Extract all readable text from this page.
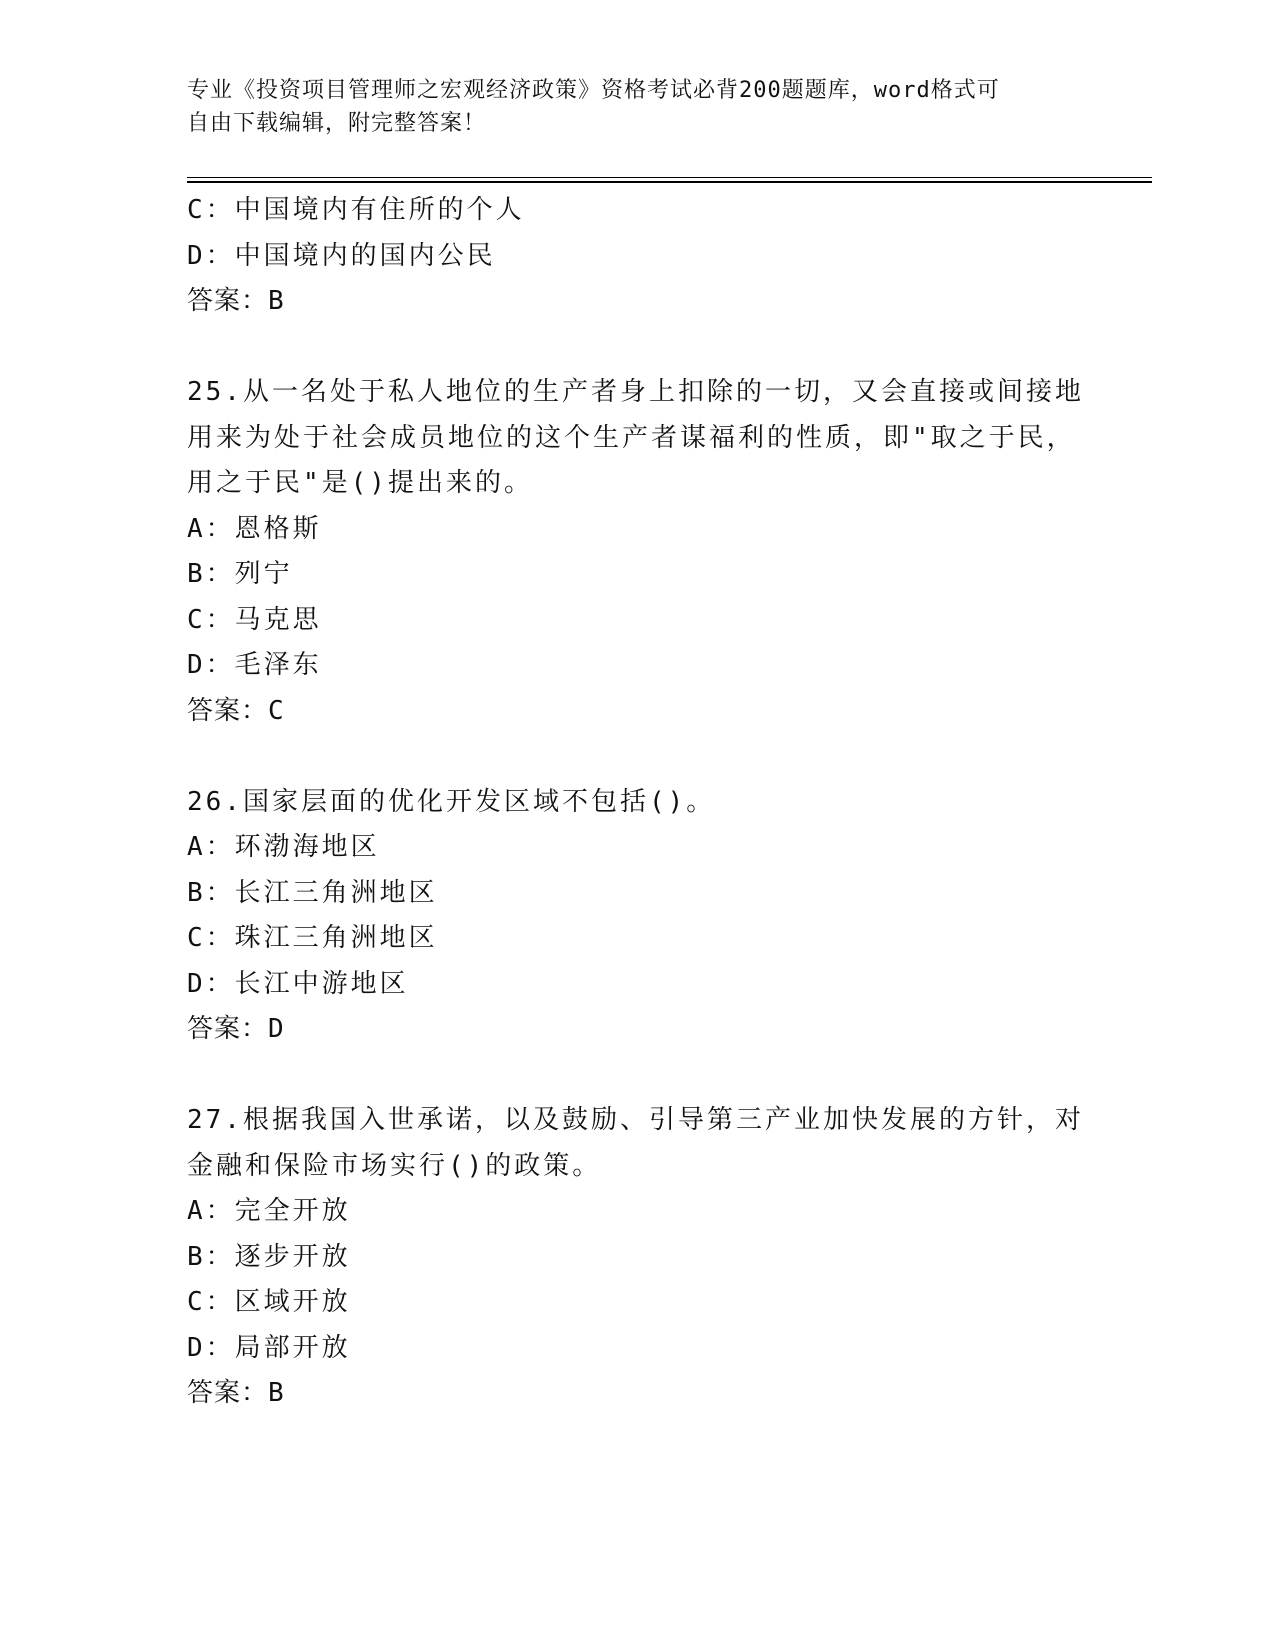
专业《投资项目管理师之宏观经济政策》资格考试必背200题题库，word格式可
自由下载编辑，附完整答案！
C：中国境内有住所的个人
D：中国境内的国内公民
答案：B
25.从一名处于私人地位的生产者身上扣除的一切，又会直接或间接地
用来为处于社会成员地位的这个生产者谋福利的性质，即"取之于民，
用之于民"是()提出来的。
A：恩格斯
B：列宁
C：马克思
D：毛泽东
答案：C
26.国家层面的优化开发区域不包括()。
A：环渤海地区
B：长江三角洲地区
C：珠江三角洲地区
D：长江中游地区
答案：D
27.根据我国入世承诺，以及鼓励、引导第三产业加快发展的方针，对
金融和保险市场实行()的政策。
A：完全开放
B：逐步开放
C：区域开放
D：局部开放
答案：B
